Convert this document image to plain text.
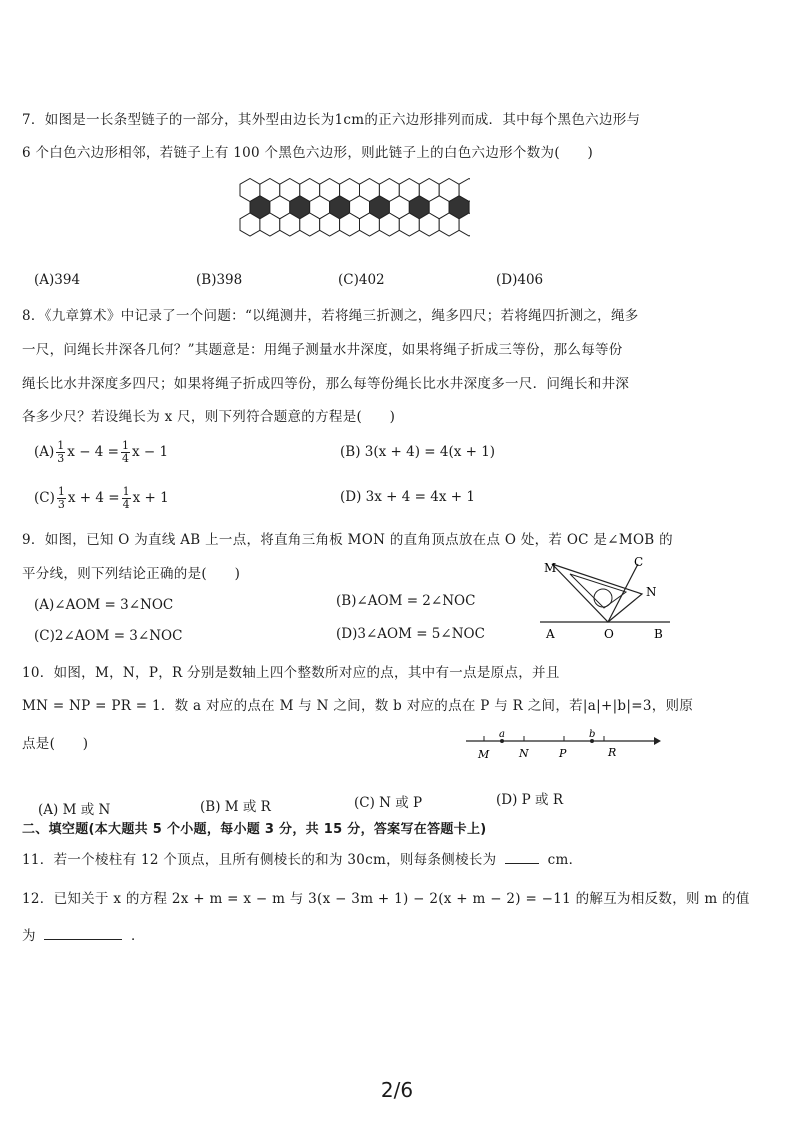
7．如图是一长条型链子的一部分，其外型由边长为1cm的正六边形排列而成．其中每个黑色六边形与
6 个白色六边形相邻，若链子上有 100 个黑色六边形，则此链子上的白色六边形个数为(　　)
(A)394	(B)398	(C)402	(D)406
8．《九章算术》中记录了一个问题：“以绳测井，若将绳三折测之，绳多四尺；若将绳四折测之，绳多
一尺，问绳长井深各几何？”其题意是：用绳子测量水井深度，如果将绳子折成三等份，那么每等份
绳长比水井深度多四尺；如果将绳子折成四等份，那么每等份绳长比水井深度多一尺．问绳长和井深
各多少尺？若设绳长为 x 尺，则下列符合题意的方程是(　　)
$(A) \frac{1}{3}$ $x - 4 = \frac{1}{4}$ x − 1	(B) 3(x + 4) = 4(x + 1)
$(C) \frac{1}{3}$ $x + 4 = \frac{1}{4}$ x + 1	(D) 3x + 4 = 4x + 1
9．如图，已知 O 为直线 AB 上一点，将直角三角板 MON 的直角顶点放在点 O 处，若 OC 是∠MOB 的
平分线，则下列结论正确的是(　　)
(A)∠AOM = 3∠NOC	(B)∠AOM = 2∠NOC
(C)2∠AOM = 3∠NOC	(D)3∠AOM = 5∠NOC
M	C
N
A	O	B
10．如图，M，N，P，R 分别是数轴上四个整数所对应的点，其中有一点是原点，并且
MN = NP = PR = 1．数 a 对应的点在 M 与 N 之间，数 b 对应的点在 P 与 R 之间，若|a|+|b|=3，则原
点是(　　)
a	b
M	N	P	R
(A) M 或 N	(B) M 或 R	(C) N 或 P	(D) P 或 R
二、填空题(本大题共 5 个小题，每小题 3 分，共 15 分，答案写在答题卡上)
11．若一个棱柱有 12 个顶点，且所有侧棱长的和为 30cm，则每条侧棱长为	cm．
12．已知关于 x 的方程 2x + m = x − m 与 3(x − 3m + 1) − 2(x + m − 2) = −11 的解互为相反数，则 m 的值
为	．
2/6
